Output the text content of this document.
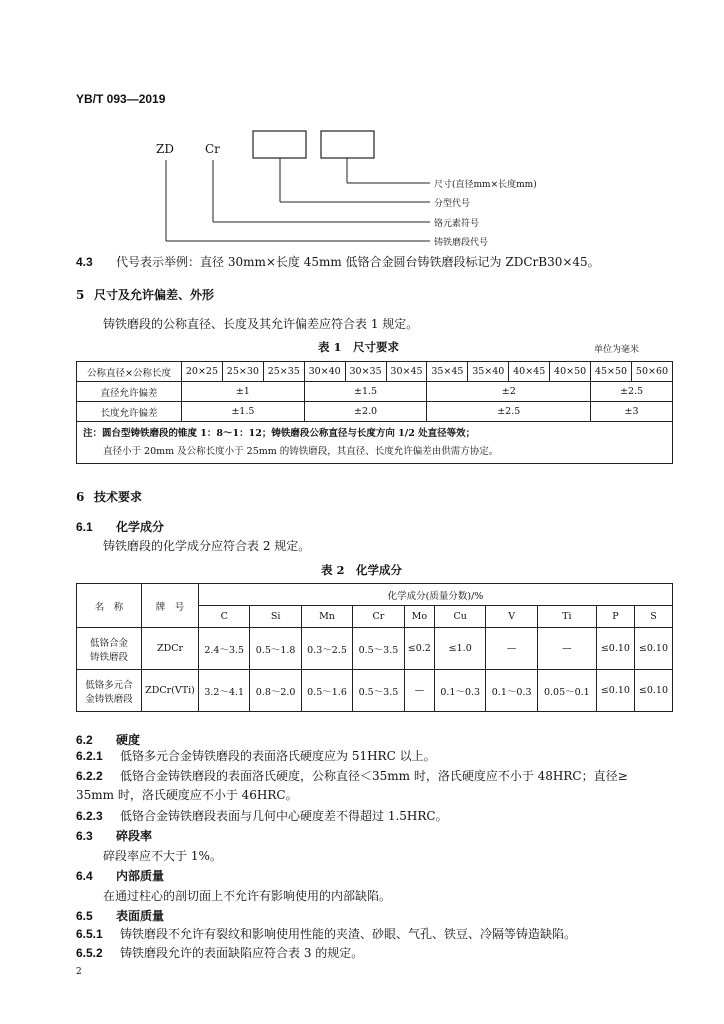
YB/T 093—2019
ZD	Cr
尺寸(直径mm×长度mm)
分型代号
铬元素符号
铸铁磨段代号
4.3 代号表示举例：直径 30mm×长度 45mm 低铬合金圆台铸铁磨段标记为 ZDCrB30×45。
5 尺寸及允许偏差、外形
铸铁磨段的公称直径、长度及其允许偏差应符合表 1 规定。
表 1　尺寸要求	单位为毫米
公称直径×公称长度	20×25	25×30	25×35	30×40	30×35	30×45	35×45	35×40	40×45	40×50	45×50	50×60
直径允许偏差	±1			±1.5			±2				±2.5	
长度允许偏差	±1.5			±2.0			±2.5				±3	

注：圆台型铸铁磨段的锥度 1：8～1：12；铸铁磨段公称直径与长度方向 1/2 处直径等效；
直径小于 20mm 及公称长度小于 25mm 的铸铁磨段，其直径、长度允许偏差由供需方协定。												
6 技术要求
6.1 化学成分
铸铁磨段的化学成分应符合表 2 规定。
表 2　化学成分
名　称	牌　号	化学成分(质量分数)/%									
		C	Si	Mn	Cr	Mo	Cu	V	Ti	P	S

低铬合金
铸铁磨段	ZDCr	2.4～3.5	0.5～1.8	0.3～2.5	0.5～3.5	≤0.2	≤1.0	—	—	≤0.10	≤0.10

低铬多元合
金铸铁磨段	ZDCr(VTi)	3.2～4.1	0.8～2.0	0.5～1.6	0.5～3.5	—	0.1～0.3	0.1～0.3	0.05～0.1	≤0.10	≤0.10
6.2 硬度
6.2.1 低铬多元合金铸铁磨段的表面洛氏硬度应为 51HRC 以上。
6.2.2 低铬合金铸铁磨段的表面洛氏硬度，公称直径＜35mm 时，洛氏硬度应不小于 48HRC；直径≥
35mm 时，洛氏硬度应不小于 46HRC。
6.2.3 低铬合金铸铁磨段表面与几何中心硬度差不得超过 1.5HRC。
6.3 碎段率
碎段率应不大于 1%。
6.4 内部质量
在通过柱心的剖切面上不允许有影响使用的内部缺陷。
6.5 表面质量
6.5.1 铸铁磨段不允许有裂纹和影响使用性能的夹渣、砂眼、气孔、铁豆、冷隔等铸造缺陷。
6.5.2 铸铁磨段允许的表面缺陷应符合表 3 的规定。
2
